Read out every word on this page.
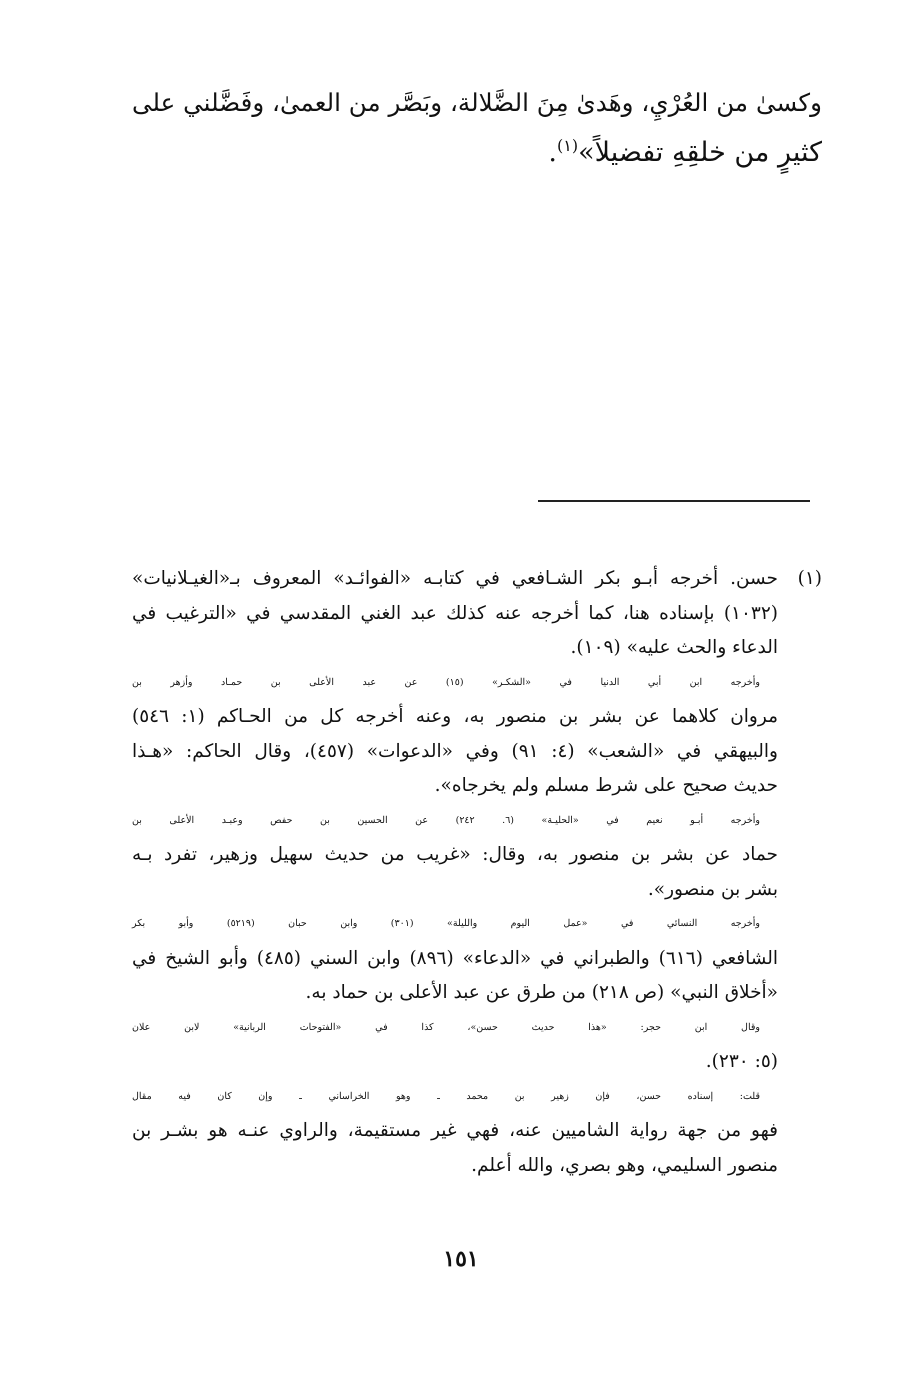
وكسىٰ من العُرْيِ، وهَدىٰ مِنَ الضَّلالة، وبَصَّر من العمىٰ، وفَضَّلني على
كثيرٍ من خلقِهِ تفضيلاً»$^{(١)}$.
(١)
حسن. أخرجه أبـو بكر الشـافعي في كتابـه «الفوائـد» المعروف بـ«الغيـلانيات»
(١٠٣٢) بإسناده هنا، كما أخرجه عنه كذلك عبد الغني المقدسي في «الترغيب في
الدعاء والحث عليه» (١٠٩).
وأخرجه ابن أبي الدنيا في «الشكـر» (١٥) عن عبد الأعلى بن حمـاد وأزهر بن
مروان كلاهما عن بشر بن منصور به، وعنه أخرجه كل من الحـاكم (١: ٥٤٦)
والبيهقي في «الشعب» (٤: ٩١) وفي «الدعوات» (٤٥٧)، وقال الحاكم: «هـذا
حديث صحيح على شرط مسلم ولم يخرجاه».
وأخرجه أبـو نعيم في «الحليـة» (٦. ٢٤٢) عن الحسين بن حفص وعبـد الأعلى بن
حماد عن بشر بن منصور به، وقال: «غريب من حديث سهيل وزهير، تفرد بـه
بشر بن منصور».
وأخرجه النسائي في «عمل اليوم والليلة» (٣٠١) وابن حبان (٥٢١٩) وأبو بكر
الشافعي (٦١٦) والطبراني في «الدعاء» (٨٩٦) وابن السني (٤٨٥) وأبو الشيخ في
«أخلاق النبي» (ص ٢١٨) من طرق عن عبد الأعلى بن حماد به.
وقال ابن حجر: «هذا حديث حسن»، كذا في «الفتوحات الربانية» لابن علان
(٥: ٢٣٠).
قلت: إسناده حسن، فإن زهير بن محمد ـ وهو الخراساني ـ وإن كان فيه مقال
فهو من جهة رواية الشاميين عنه، فهي غير مستقيمة، والراوي عنـه هو بشـر بن
منصور السليمي، وهو بصري، والله أعلم.
١٥١
